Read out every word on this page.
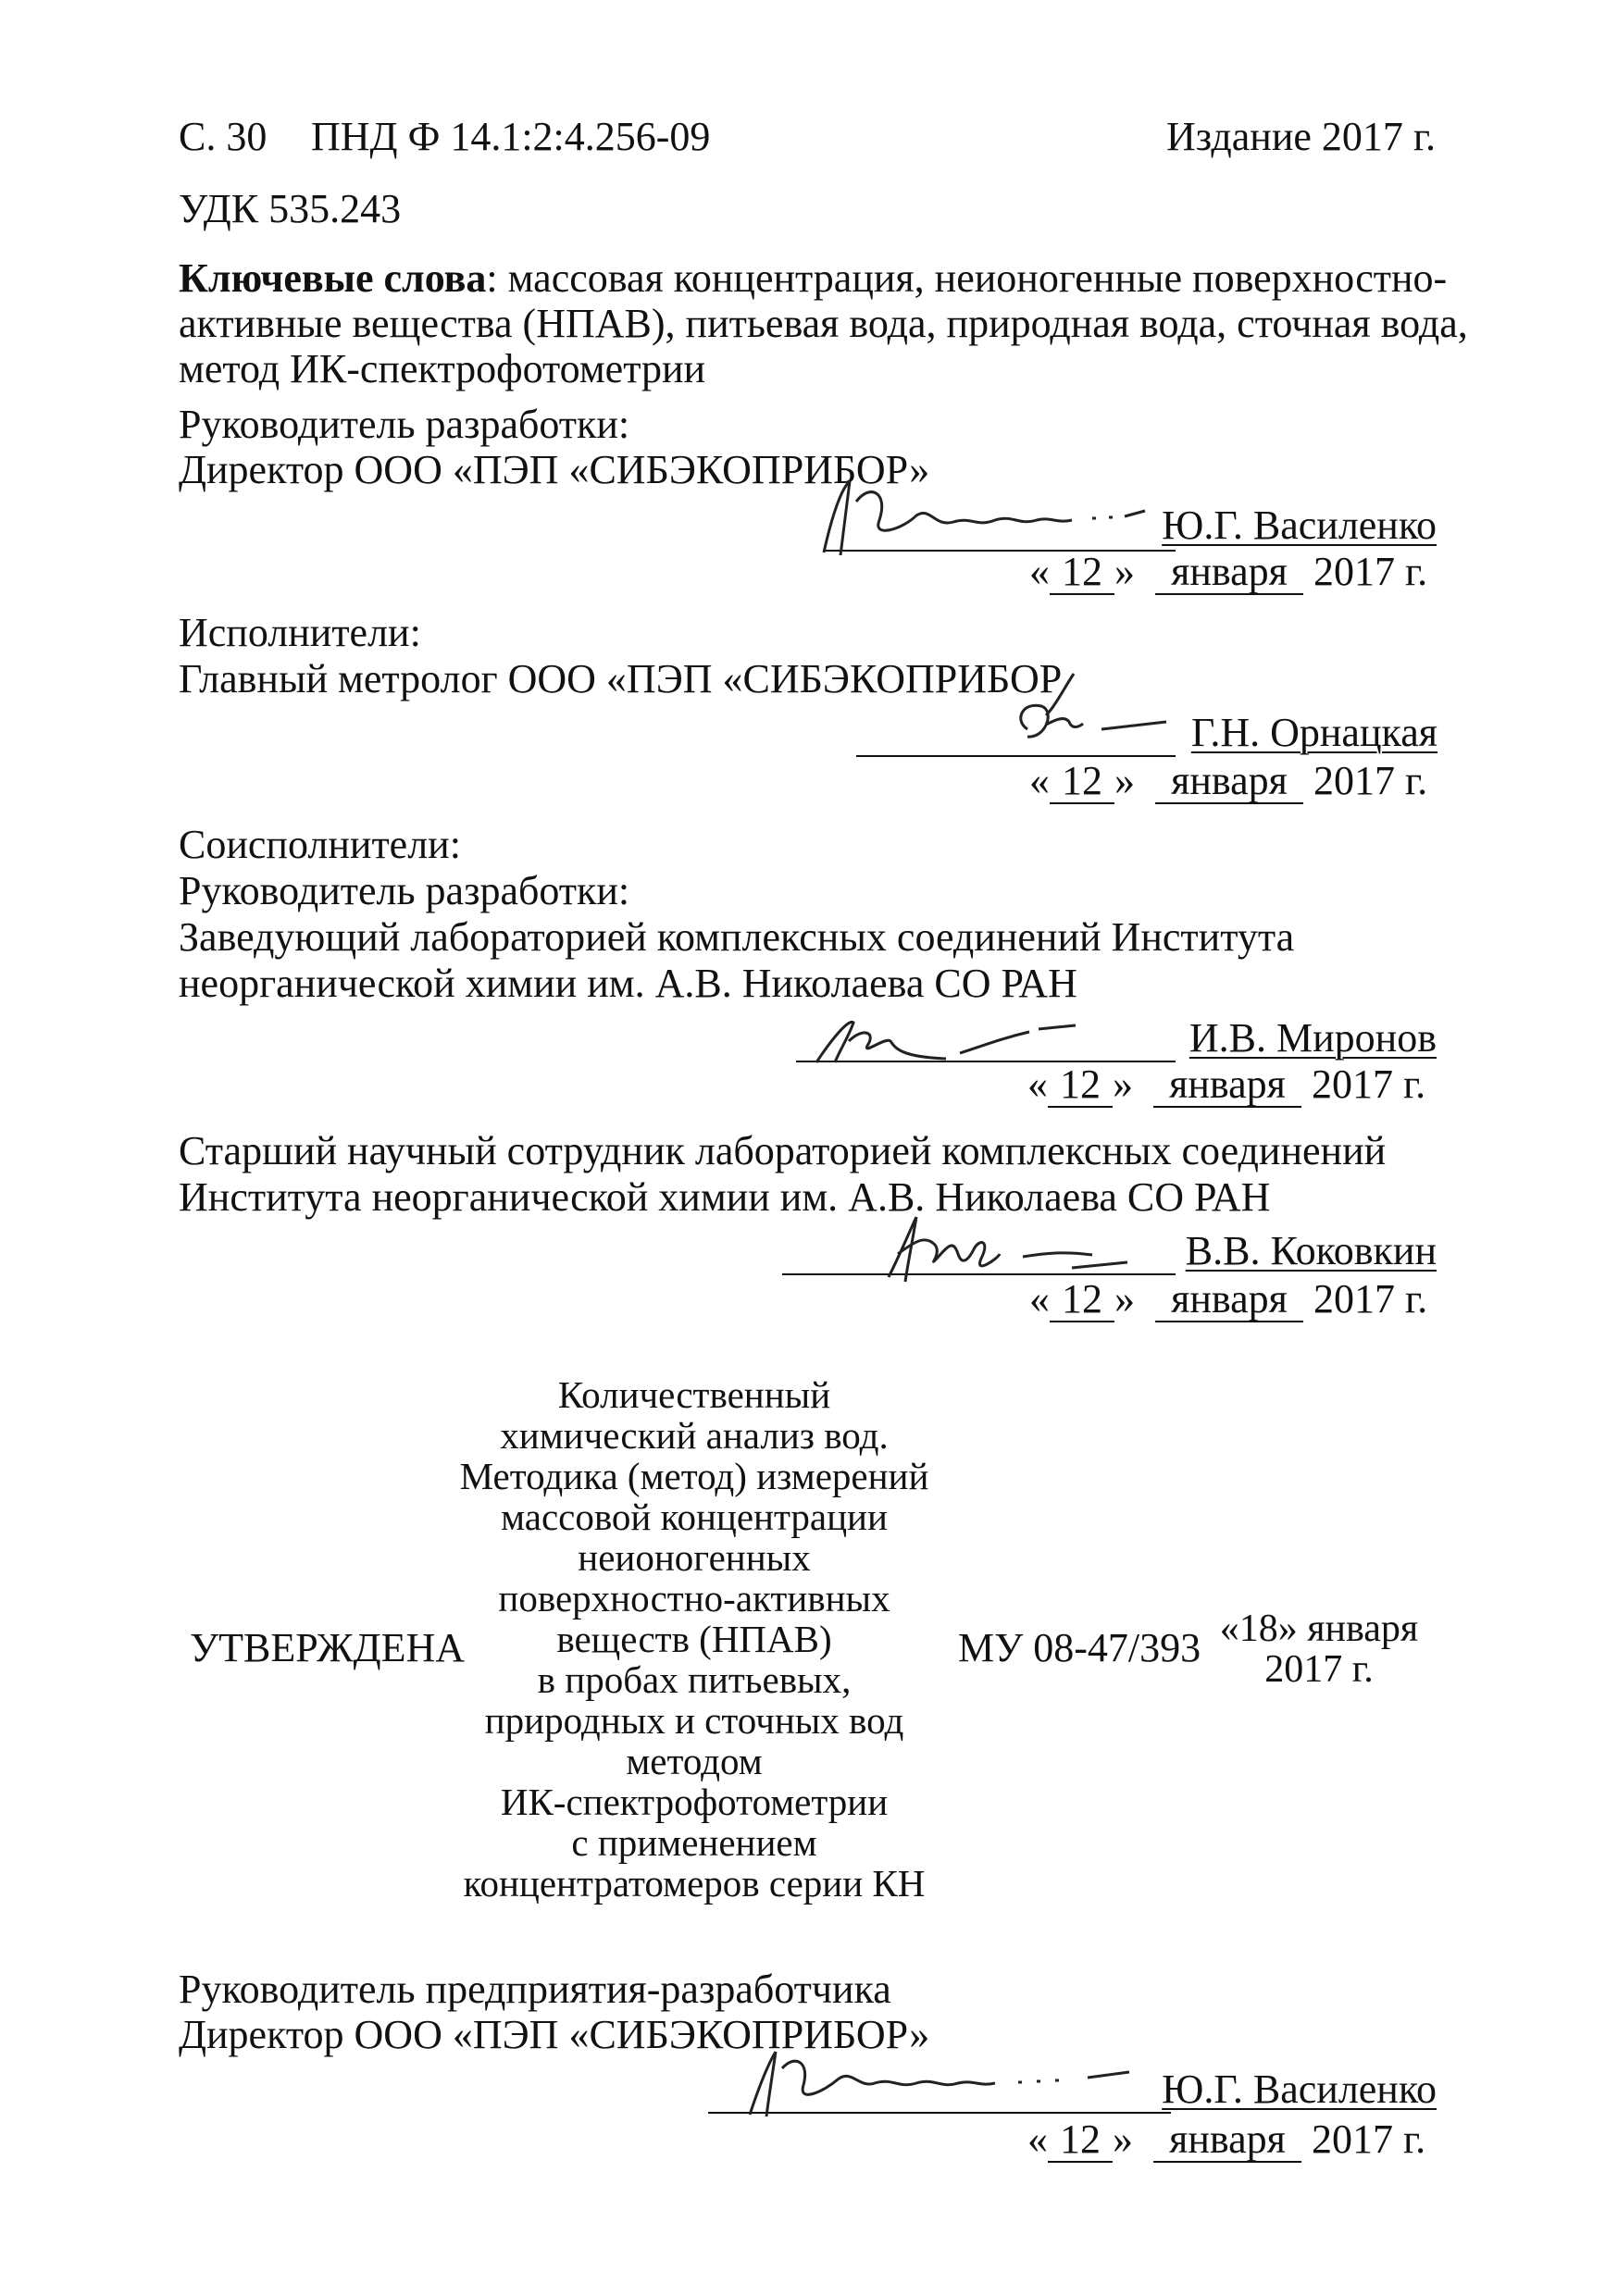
С. 30 ПНД Ф 14.1:2:4.256-09	Издание 2017 г.
УДК 535.243
Ключевые слова: массовая концентрация, неионогенные поверхностно-
активные вещества (НПАВ), питьевая вода, природная вода, сточная вода,
метод ИК-спектрофотометрии
Руководитель разработки:
Директор ООО «ПЭП «СИБЭКОПРИБОР»
Ю.Г. Василенко
« 12 » января 2017 г.
Исполнители:
Главный метролог ООО «ПЭП «СИБЭКОПРИБОР
Г.Н. Орнацкая
« 12 » января 2017 г.
Соисполнители:
Руководитель разработки:
Заведующий лабораторией комплексных соединений Института
неорганической химии им. А.В. Николаева СО РАН
И.В. Миронов
« 12 » января 2017 г.
Старший научный сотрудник лабораторией комплексных соединений
Института неорганической химии им. А.В. Николаева СО РАН
В.В. Коковкин
« 12 » января 2017 г.
УТВЕРЖДЕНА
Количественный
химический анализ вод.
Методика (метод) измерений
массовой концентрации
неионогенных
поверхностно-активных
веществ (НПАВ)
в пробах питьевых,
природных и сточных вод
методом
ИК-спектрофотометрии
с применением
концентратомеров серии КН
МУ 08-47/393 «18» января
2017 г.
Руководитель предприятия-разработчика
Директор ООО «ПЭП «СИБЭКОПРИБОР»
Ю.Г. Василенко
« 12 » января 2017 г.
